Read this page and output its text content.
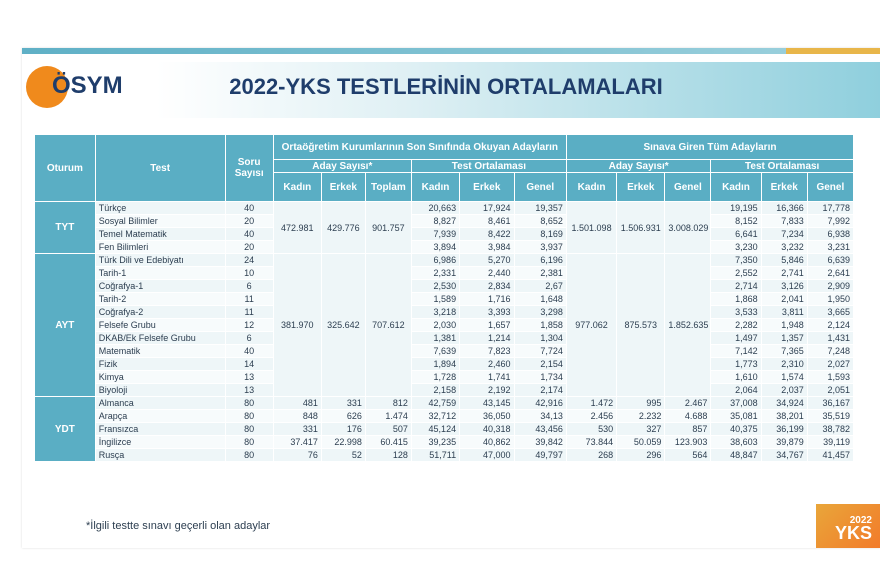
ÖSYM	2022-YKS TESTLERİNİN ORTALAMALARI
Oturum	Test	Soru Sayısı	Ortaöğretim Kurumlarının Son Sınıfında Okuyan Adayların						Sınava Giren Tüm Adayların					
			Aday Sayısı*			Test Ortalaması			Aday Sayısı*			Test Ortalaması		
			Kadın	Erkek	Toplam	Kadın	Erkek	Genel	Kadın	Erkek	Genel	Kadın	Erkek	Genel
TYT	Türkçe	40	472.981	429.776	901.757	20,663	17,924	19,357	1.501.098	1.506.931	3.008.029	19,195	16,366	17,778
	Sosyal Bilimler	20				8,827	8,461	8,652				8,152	7,833	7,992
	Temel Matematik	40				7,939	8,422	8,169				6,641	7,234	6,938
	Fen Bilimleri	20				3,894	3,984	3,937				3,230	3,232	3,231
AYT	Türk Dili ve Edebiyatı	24	381.970	325.642	707.612	6,986	5,270	6,196	977.062	875.573	1.852.635	7,350	5,846	6,639
	Tarih-1	10				2,331	2,440	2,381				2,552	2,741	2,641
	Coğrafya-1	6				2,530	2,834	2,67				2,714	3,126	2,909
	Tarih-2	11				1,589	1,716	1,648				1,868	2,041	1,950
	Coğrafya-2	11				3,218	3,393	3,298				3,533	3,811	3,665
	Felsefe Grubu	12				2,030	1,657	1,858				2,282	1,948	2,124
	DKAB/Ek Felsefe Grubu	6				1,381	1,214	1,304				1,497	1,357	1,431
	Matematik	40				7,639	7,823	7,724				7,142	7,365	7,248
	Fizik	14				1,894	2,460	2,154				1,773	2,310	2,027
	Kimya	13				1,728	1,741	1,734				1,610	1,574	1,593
	Biyoloji	13				2,158	2,192	2,174				2,064	2,037	2,051
YDT	Almanca	80	481	331	812	42,759	43,145	42,916	1.472	995	2.467	37,008	34,924	36,167
	Arapça	80	848	626	1.474	32,712	36,050	34,13	2.456	2.232	4.688	35,081	38,201	35,519
	Fransızca	80	331	176	507	45,124	40,318	43,456	530	327	857	40,375	36,199	38,782
	İngilizce	80	37.417	22.998	60.415	39,235	40,862	39,842	73.844	50.059	123.903	38,603	39,879	39,119
	Rusça	80	76	52	128	51,711	47,000	49,797	268	296	564	48,847	34,767	41,457
*İlgili testte sınavı geçerli olan adaylar	2022
YKS
